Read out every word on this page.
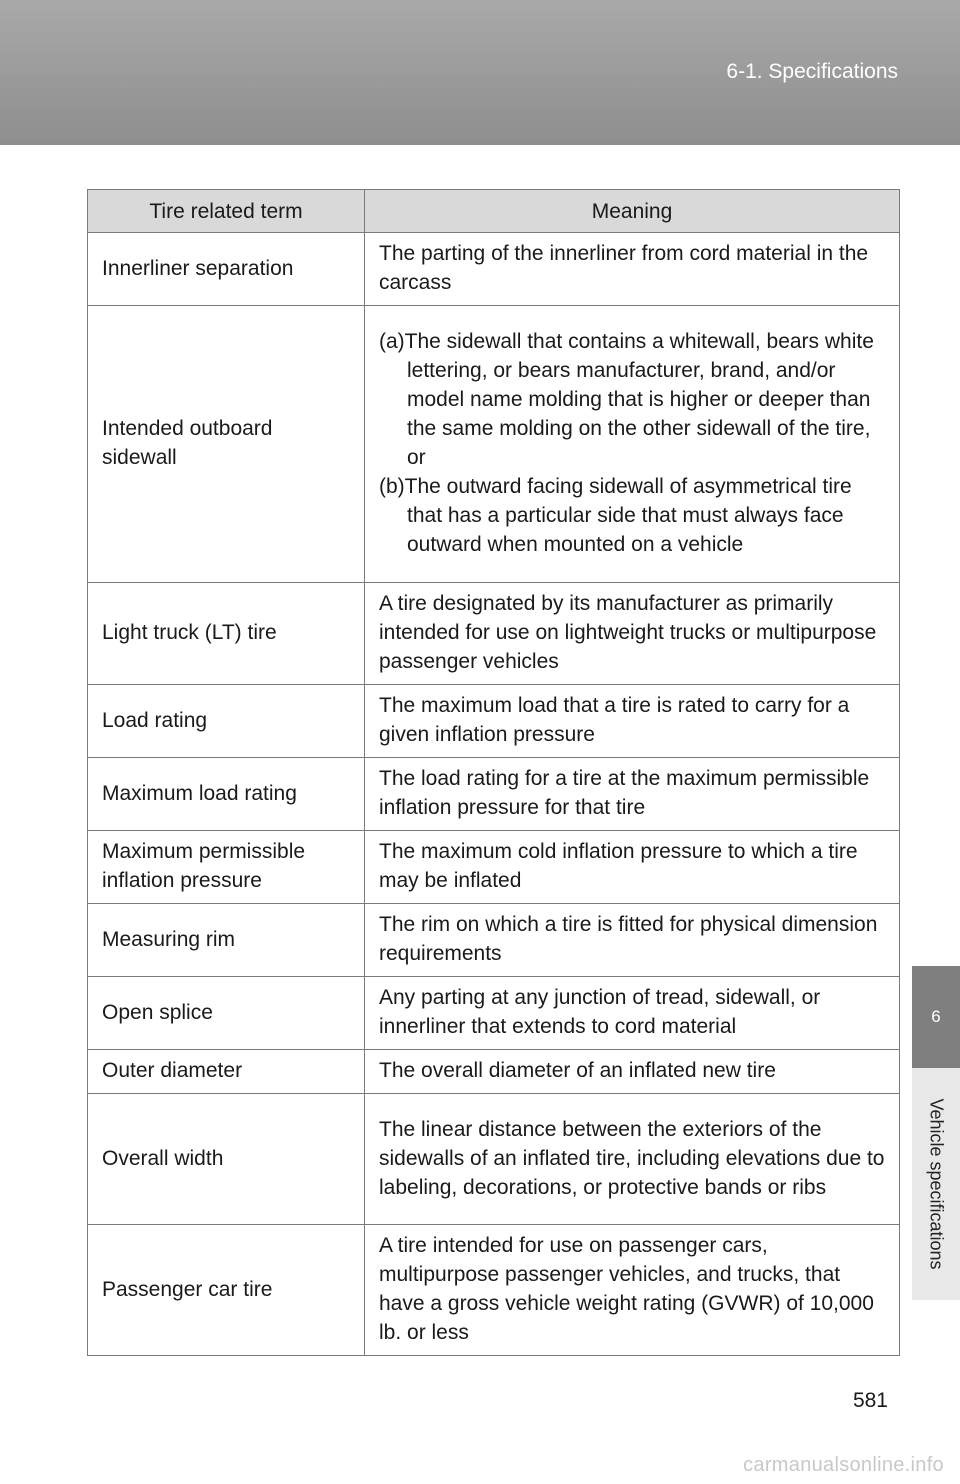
6-1. Specifications
6
Vehicle specifications
Tire related term	Meaning
Innerliner separation	The parting of the innerliner from cord material in the carcass
Intended outboard sidewall	(a)The sidewall that contains a whitewall, bears white lettering, or bears manufacturer, brand, and/or model name molding that is higher or deeper than the same molding on the other sidewall of the tire, or
(b)The outward facing sidewall of asymmetrical tire that has a particular side that must always face outward when mounted on a vehicle

Light truck (LT) tire	A tire designated by its manufacturer as primarily intended for use on lightweight trucks or multipurpose passenger vehicles
Load rating	The maximum load that a tire is rated to carry for a given inflation pressure
Maximum load rating	The load rating for a tire at the maximum permissible inflation pressure for that tire
Maximum permissible inflation pressure	The maximum cold inflation pressure to which a tire may be inflated
Measuring rim	The rim on which a tire is fitted for physical dimension requirements
Open splice	Any parting at any junction of tread, sidewall, or innerliner that extends to cord material
Outer diameter	The overall diameter of an inflated new tire
Overall width	The linear distance between the exteriors of the sidewalls of an inflated tire, including elevations due to labeling, decorations, or protective bands or ribs
Passenger car tire	A tire intended for use on passenger cars, multipurpose passenger vehicles, and trucks, that have a gross vehicle weight rating (GVWR) of 10,000 lb. or less
581
carmanualsonline.info
